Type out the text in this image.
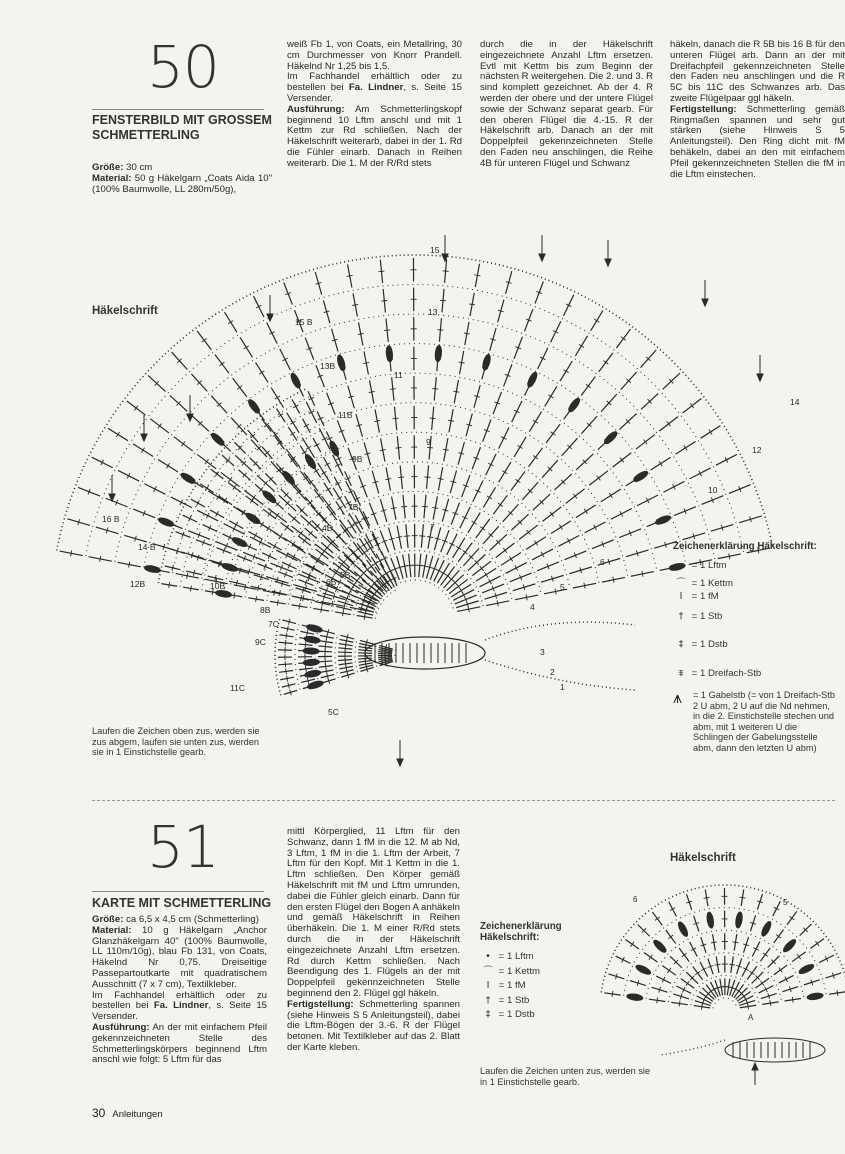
50
FENSTERBILD MIT GROSSEM
SCHMETTERLING
Größe: 30 cm
Material: 50 g Häkelgarn „Coats Aida 10" (100% Baumwolle, LL 280m/50g),
weiß Fb 1, von Coats, ein Metallring, 30 cm Durchmesser von Knorr Prandell. Häkelnd Nr 1,25 bis 1,5.
Im Fachhandel erhältlich oder zu bestellen bei Fa. Lindner, s. Seite 15 Versender.
Ausführung: Am Schmetterlingskopf beginnend 10 Lftm anschl und mit 1 Kettm zur Rd schließen. Nach der Häkelschrift weiterarb, dabei in der 1. Rd die Fühler einarb. Danach in Reihen weiterarb. Die 1. M der R/Rd stets
durch die in der Häkelschrift eingezeichnete Anzahl Lftm ersetzen. Evtl mit Kettm bis zum Beginn der nächsten R weitergehen. Die 2. und 3. R sind komplett gezeichnet. Ab der 4. R werden der obere und der untere Flügel sowie der Schwanz separat gearb. Für den oberen Flügel die 4.-15. R der Häkelschrift arb. Danach an der mit Doppelpfeil gekennzeichneten Stelle den Faden neu anschlingen, die Reihe 4B für unteren Flügel und Schwanz
häkeln, danach die R 5B bis 16 B für den unteren Flügel arb. Dann an der mit Dreifachpfeil gekennzeichneten Stelle den Faden neu anschlingen und die R 5C bis 11C des Schwanzes arb. Das zweite Flügelpaar ggl häkeln.
Fertigstellung: Schmetterling gemäß Ringmaßen spannen und sehr gut stärken (siehe Hinweis S 5 Anleitungsteil). Den Ring dicht mit fM behäkeln, dabei an den mit einfachem Pfeil gekennzeichneten Stellen die fM in die Lftm einstechen.
Häkelschrift
15
13
11
9
7
6
5
4
3
2
1
10
12
14
15 B
13B
11B
9B
7B
5B
16 B
14 B
12B	10B
8B
6B
11C
9C
7C
5C
4B
Zeichenerklärung Häkelschrift:
• = 1 Lftm
⌒ = 1 Kettm
I = 1 fM
† = 1 Stb
‡ = 1 Dstb
⩨ = 1 Dreifach-Stb
⩚ = 1 Gabelstb (= von 1 Dreifach-Stb 2 U abm, 2 U auf die Nd nehmen, in die 2. Einstichstelle stechen und abm, mit 1 weiteren U die Schlingen der Gabelungsstelle abm, dann den letzten U abm)
Laufen die Zeichen oben zus, werden sie zus abgem, laufen sie unten zus, werden sie in 1 Einstichstelle gearb.
51
KARTE MIT SCHMETTERLING
Größe: ca 6,5 x 4,5 cm (Schmetterling)
Material: 10 g Häkelgarn „Anchor Glanzhäkelgarn 40" (100% Baumwolle, LL 110m/10g), blau Fb 131, von Coats, Häkelnd Nr 0,75. Dreiseitige Passepartoutkarte mit quadratischem Ausschnitt (7 x 7 cm), Textilkleber.
Im Fachhandel erhältlich oder zu bestellen bei Fa. Lindner, s. Seite 15 Versender.
Ausführung: An der mit einfachem Pfeil gekennzeichneten Stelle des Schmetterlingskörpers beginnend Lftm anschl wie folgt: 5 Lftm für das
mittl Körperglied, 11 Lftm für den Schwanz, dann 1 fM in die 12. M ab Nd, 3 Lftm, 1 fM in die 1. Lftm der Arbeit, 7 Lftm für den Kopf. Mit 1 Kettm in die 1. Lftm schließen. Den Körper gemäß Häkelschrift mit fM und Lftm umrunden, dabei die Fühler gleich einarb. Dann für den ersten Flügel den Bogen A anhäkeln und gemäß Häkelschrift in Reihen überhäkeln. Die 1. M einer R/Rd stets durch die in der Häkelschrift eingezeichnete Anzahl Lftm ersetzen. Rd durch Kettm schließen. Nach Beendigung des 1. Flügels an der mit Doppelpfeil gekennzeichneten Stelle beginnend den 2. Flügel ggl häkeln.
Fertigstellung: Schmetterling spannen (siehe Hinweis S 5 Anleitungsteil), dabei die Lftm-Bögen der 3.-6. R der Flügel betonen. Mit Textilkleber auf das 2. Blatt der Karte kleben.
Zeichenerklärung
Häkelschrift:
• = 1 Lftm
⌒ = 1 Kettm
I = 1 fM
† = 1 Stb
‡ = 1 Dstb
Laufen die Zeichen unten zus, werden sie in 1 Einstichstelle gearb.
Häkelschrift
6	5
A
30 Anleitungen
